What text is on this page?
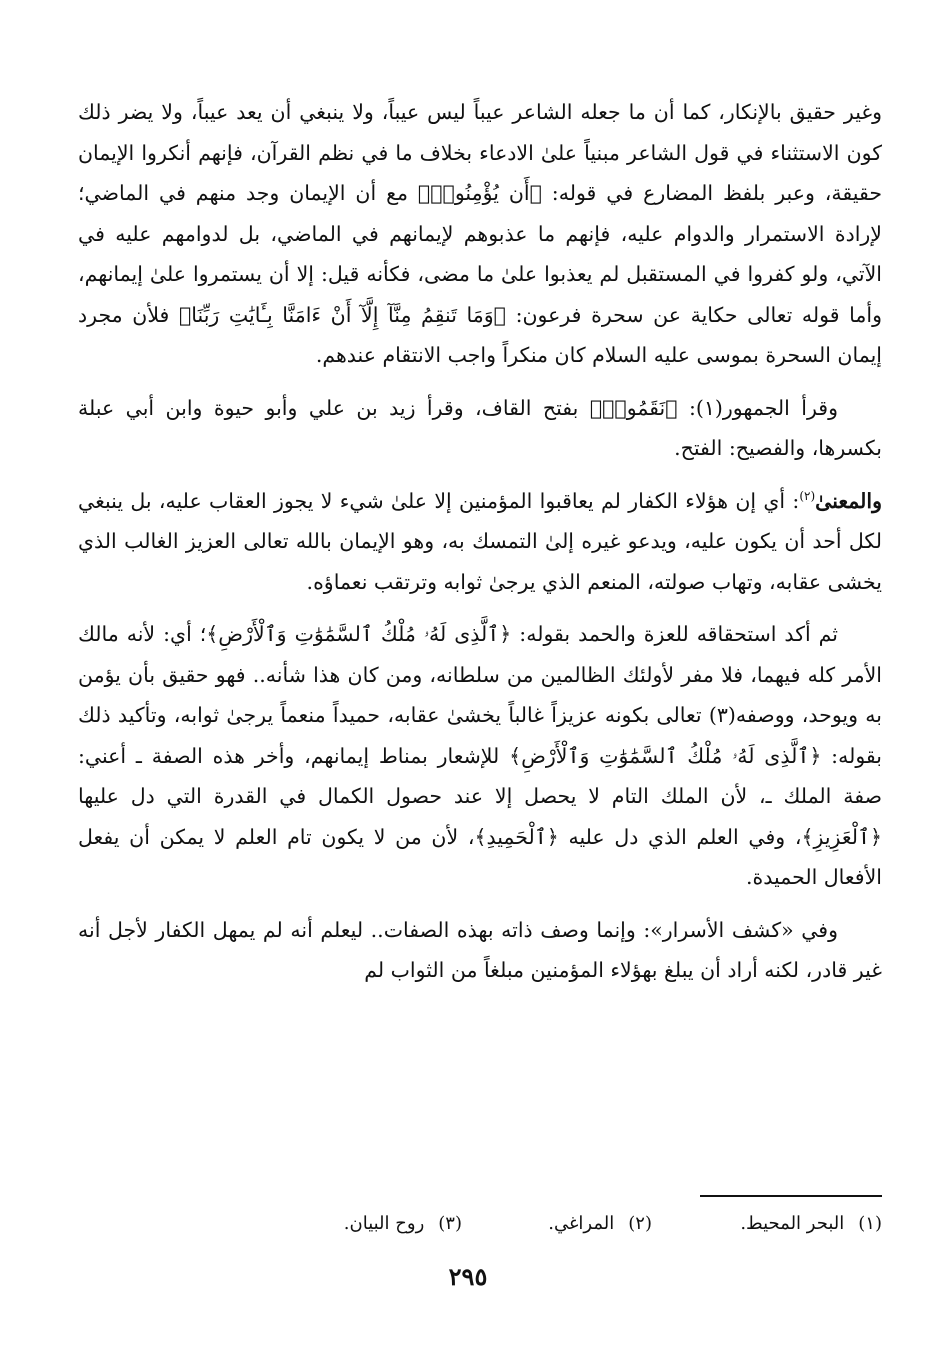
وغير حقيق بالإنكار، كما أن ما جعله الشاعر عيباً ليس عيباً، ولا ينبغي أن يعد عيباً، ولا يضر ذلك كون الاستثناء في قول الشاعر مبنياً علىٰ الادعاء بخلاف ما في نظم القرآن، فإنهم أنكروا الإيمان حقيقة، وعبر بلفظ المضارع في قوله: ﴿أَن يُؤْمِنُوا۟﴾ مع أن الإيمان وجد منهم في الماضي؛ لإرادة الاستمرار والدوام عليه، فإنهم ما عذبوهم لإيمانهم في الماضي، بل لدوامهم عليه في الآتي، ولو كفروا في المستقبل لم يعذبوا علىٰ ما مضى، فكأنه قيل: إلا أن يستمروا علىٰ إيمانهم، وأما قوله تعالى حكاية عن سحرة فرعون: ﴿وَمَا تَنقِمُ مِنَّآ إِلَّآ أَنْ ءَامَنَّا بِـَٔايَٰتِ رَبِّنَا﴾ فلأن مجرد إيمان السحرة بموسى عليه السلام كان منكراً واجب الانتقام عندهم.

وقرأ الجمهور(١): ﴿نَقَمُوا۟﴾ بفتح القاف، وقرأ زيد بن علي وأبو حيوة وابن أبي عبلة بكسرها، والفصيح: الفتح.

والمعنىٰ$^{(٢)}$: أي إن هؤلاء الكفار لم يعاقبوا المؤمنين إلا علىٰ شيء لا يجوز العقاب عليه، بل ينبغي لكل أحد أن يكون عليه، ويدعو غيره إلىٰ التمسك به، وهو الإيمان بالله تعالى العزيز الغالب الذي يخشى عقابه، وتهاب صولته، المنعم الذي يرجىٰ ثوابه وترتقب نعماؤه.

ثم أكد استحقاقه للعزة والحمد بقوله: ﴿ٱلَّذِى لَهُۥ مُلْكُ ٱلسَّمَٰوَٰتِ وَٱلْأَرْضِ﴾؛ أي: لأنه مالك الأمر كله فيهما، فلا مفر لأولئك الظالمين من سلطانه، ومن كان هذا شأنه.. فهو حقيق بأن يؤمن به ويوحد، ووصفه(٣) تعالى بكونه عزيزاً غالباً يخشىٰ عقابه، حميداً منعماً يرجىٰ ثوابه، وتأكيد ذلك بقوله: ﴿ٱلَّذِى لَهُۥ مُلْكُ ٱلسَّمَٰوَٰتِ وَٱلْأَرْضِ﴾ للإشعار بمناط إيمانهم، وأخر هذه الصفة ـ أعني: صفة الملك ـ، لأن الملك التام لا يحصل إلا عند حصول الكمال في القدرة التي دل عليها ﴿ٱلْعَزِيزِ﴾، وفي العلم الذي دل عليه ﴿ٱلْحَمِيدِ﴾، لأن من لا يكون تام العلم لا يمكن أن يفعل الأفعال الحميدة.

وفي «كشف الأسرار»: وإنما وصف ذاته بهذه الصفات.. ليعلم أنه لم يمهل الكفار لأجل أنه غير قادر، لكنه أراد أن يبلغ بهؤلاء المؤمنين مبلغاً من الثواب لم

(١)البحر المحيط.
(٢)المراغي.
(٣)روح البيان.
٢٩٥
